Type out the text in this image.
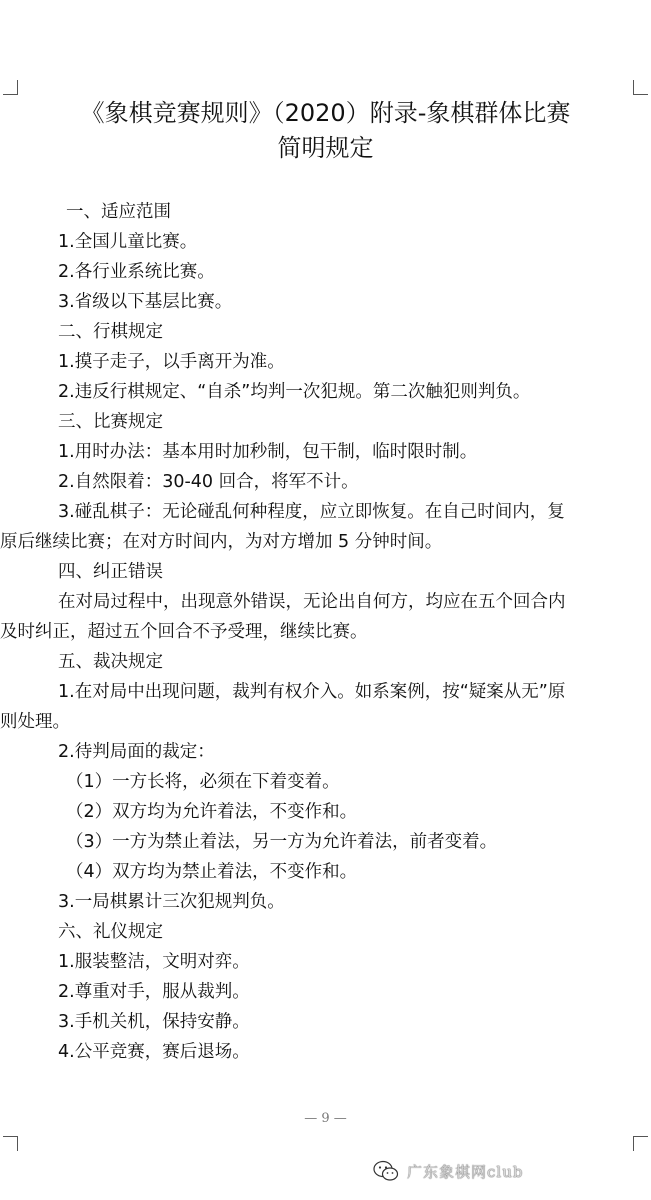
《象棋竞赛规则》（2020）附录-象棋群体比赛
简明规定
一、适应范围
1.全国儿童比赛。
2.各行业系统比赛。
3.省级以下基层比赛。
二、行棋规定
1.摸子走子，以手离开为准。
2.违反行棋规定、“自杀”均判一次犯规。第二次触犯则判负。
三、比赛规定
1.用时办法：基本用时加秒制，包干制，临时限时制。
2.自然限着：30-40 回合，将军不计。
3.碰乱棋子：无论碰乱何种程度，应立即恢复。在自己时间内，复
原后继续比赛；在对方时间内，为对方增加 5 分钟时间。
四、纠正错误
在对局过程中，出现意外错误，无论出自何方，均应在五个回合内
及时纠正，超过五个回合不予受理，继续比赛。
五、裁决规定
1.在对局中出现问题，裁判有权介入。如系案例，按“疑案从无”原
则处理。
2.待判局面的裁定：
（1）一方长将，必须在下着变着。
（2）双方均为允许着法，不变作和。
（3）一方为禁止着法，另一方为允许着法，前者变着。
（4）双方均为禁止着法，不变作和。
3.一局棋累计三次犯规判负。
六、礼仪规定
1.服装整洁，文明对弈。
2.尊重对手，服从裁判。
3.手机关机，保持安静。
4.公平竞赛，赛后退场。
— 9 —
广东象棋网club
